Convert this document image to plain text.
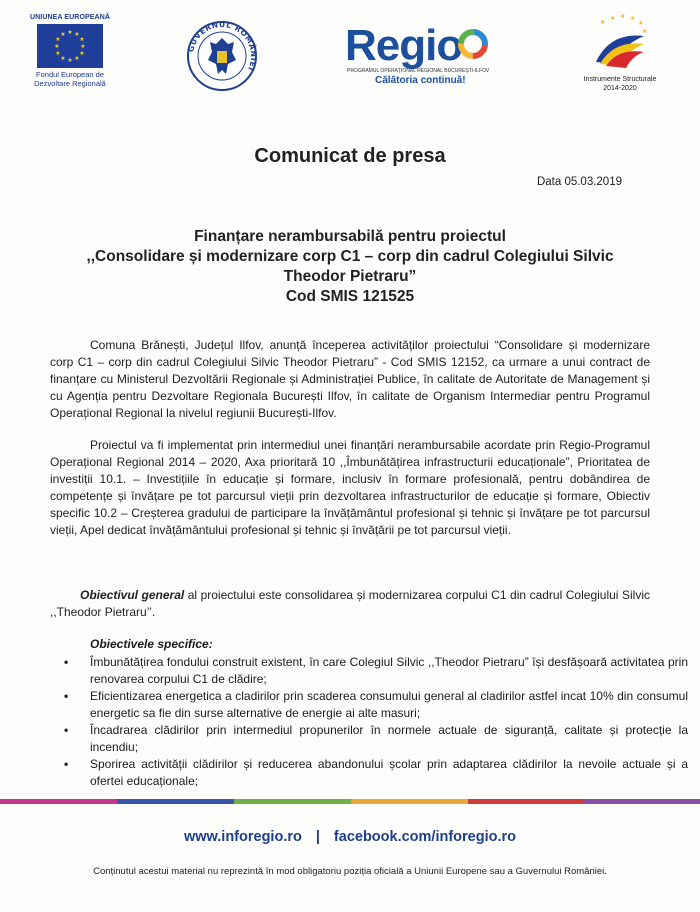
UNIUNEA EUROPEANĂ
★ ★
★
★
★
★
★
★
★
★
★
★
Fondul European de
Dezvoltare Regională
GUVERNUL ROMÂNIEI Regio
PROGRAMUL OPERAȚIONAL REGIONAL BUCUREȘTI-ILFOV
Călătoria continuă!
★
★ ★ ★
★
★
Instrumente Structurale
2014-2020
Comunicat de presa
Data 05.03.2019
Finanțare nerambursabilă pentru proiectul
,,Consolidare și modernizare corp C1 – corp din cadrul Colegiului Silvic
Theodor Pietraru”
Cod SMIS 121525
Comuna Brănești, Județul Ilfov, anunță începerea activităților proiectului “Consolidare și modernizare corp C1 – corp din cadrul Colegiului Silvic Theodor Pietraru” - Cod SMIS 12152, ca urmare a unui contract de finanțare cu Ministerul Dezvoltării Regionale și Administrației Publice, în calitate de Autoritate de Management și cu Agenția pentru Dezvoltare Regionala București Ilfov, în calitate de Organism Intermediar pentru Programul Operațional Regional la nivelul regiunii București-Ilfov.
Proiectul va fi implementat prin intermediul unei finanțări nerambursabile acordate prin Regio-Programul Operațional Regional 2014 – 2020, Axa prioritară 10 ,,Îmbunătățirea infrastructurii educaționale”, Prioritatea de investiții 10.1. – Investițiile în educație și formare, inclusiv în formare profesională, pentru dobândirea de competențe și învățare pe tot parcursul vieții prin dezvoltarea infrastructurilor de educație și formare, Obiectiv specific 10.2 – Creșterea gradului de participare la învățământul profesional și tehnic și învățare pe tot parcursul vieții, Apel dedicat învățământului profesional și tehnic și învățării pe tot parcursul vieții.
Obiectivul general al proiectului este consolidarea și modernizarea corpului C1 din cadrul Colegiului Silvic ,,Theodor Pietraru’’.
Obiectivele specifice:
• Îmbunătățirea fondului construit existent, în care Colegiul Silvic ,,Theodor Pietraru” își desfășoară activitatea prin renovarea corpului C1 de clădire;
• Eficientizarea energetica a cladirilor prin scaderea consumului general al cladirilor astfel incat 10% din consumul energetic sa fie din surse alternative de energie ai alte masuri;
• Încadrarea clădirilor prin intermediul propunerilor în normele actuale de siguranță, calitate și protecție la incendiu;
• Sporirea activității clădirilor și reducerea abandonului școlar prin adaptarea clădirilor la nevoile actuale și a ofertei educaționale;
www.inforegio.ro | facebook.com/inforegio.ro
Conținutul acestui material nu reprezintă în mod obligatoriu poziția oficială a Uniunii Europene sau a Guvernului României.
